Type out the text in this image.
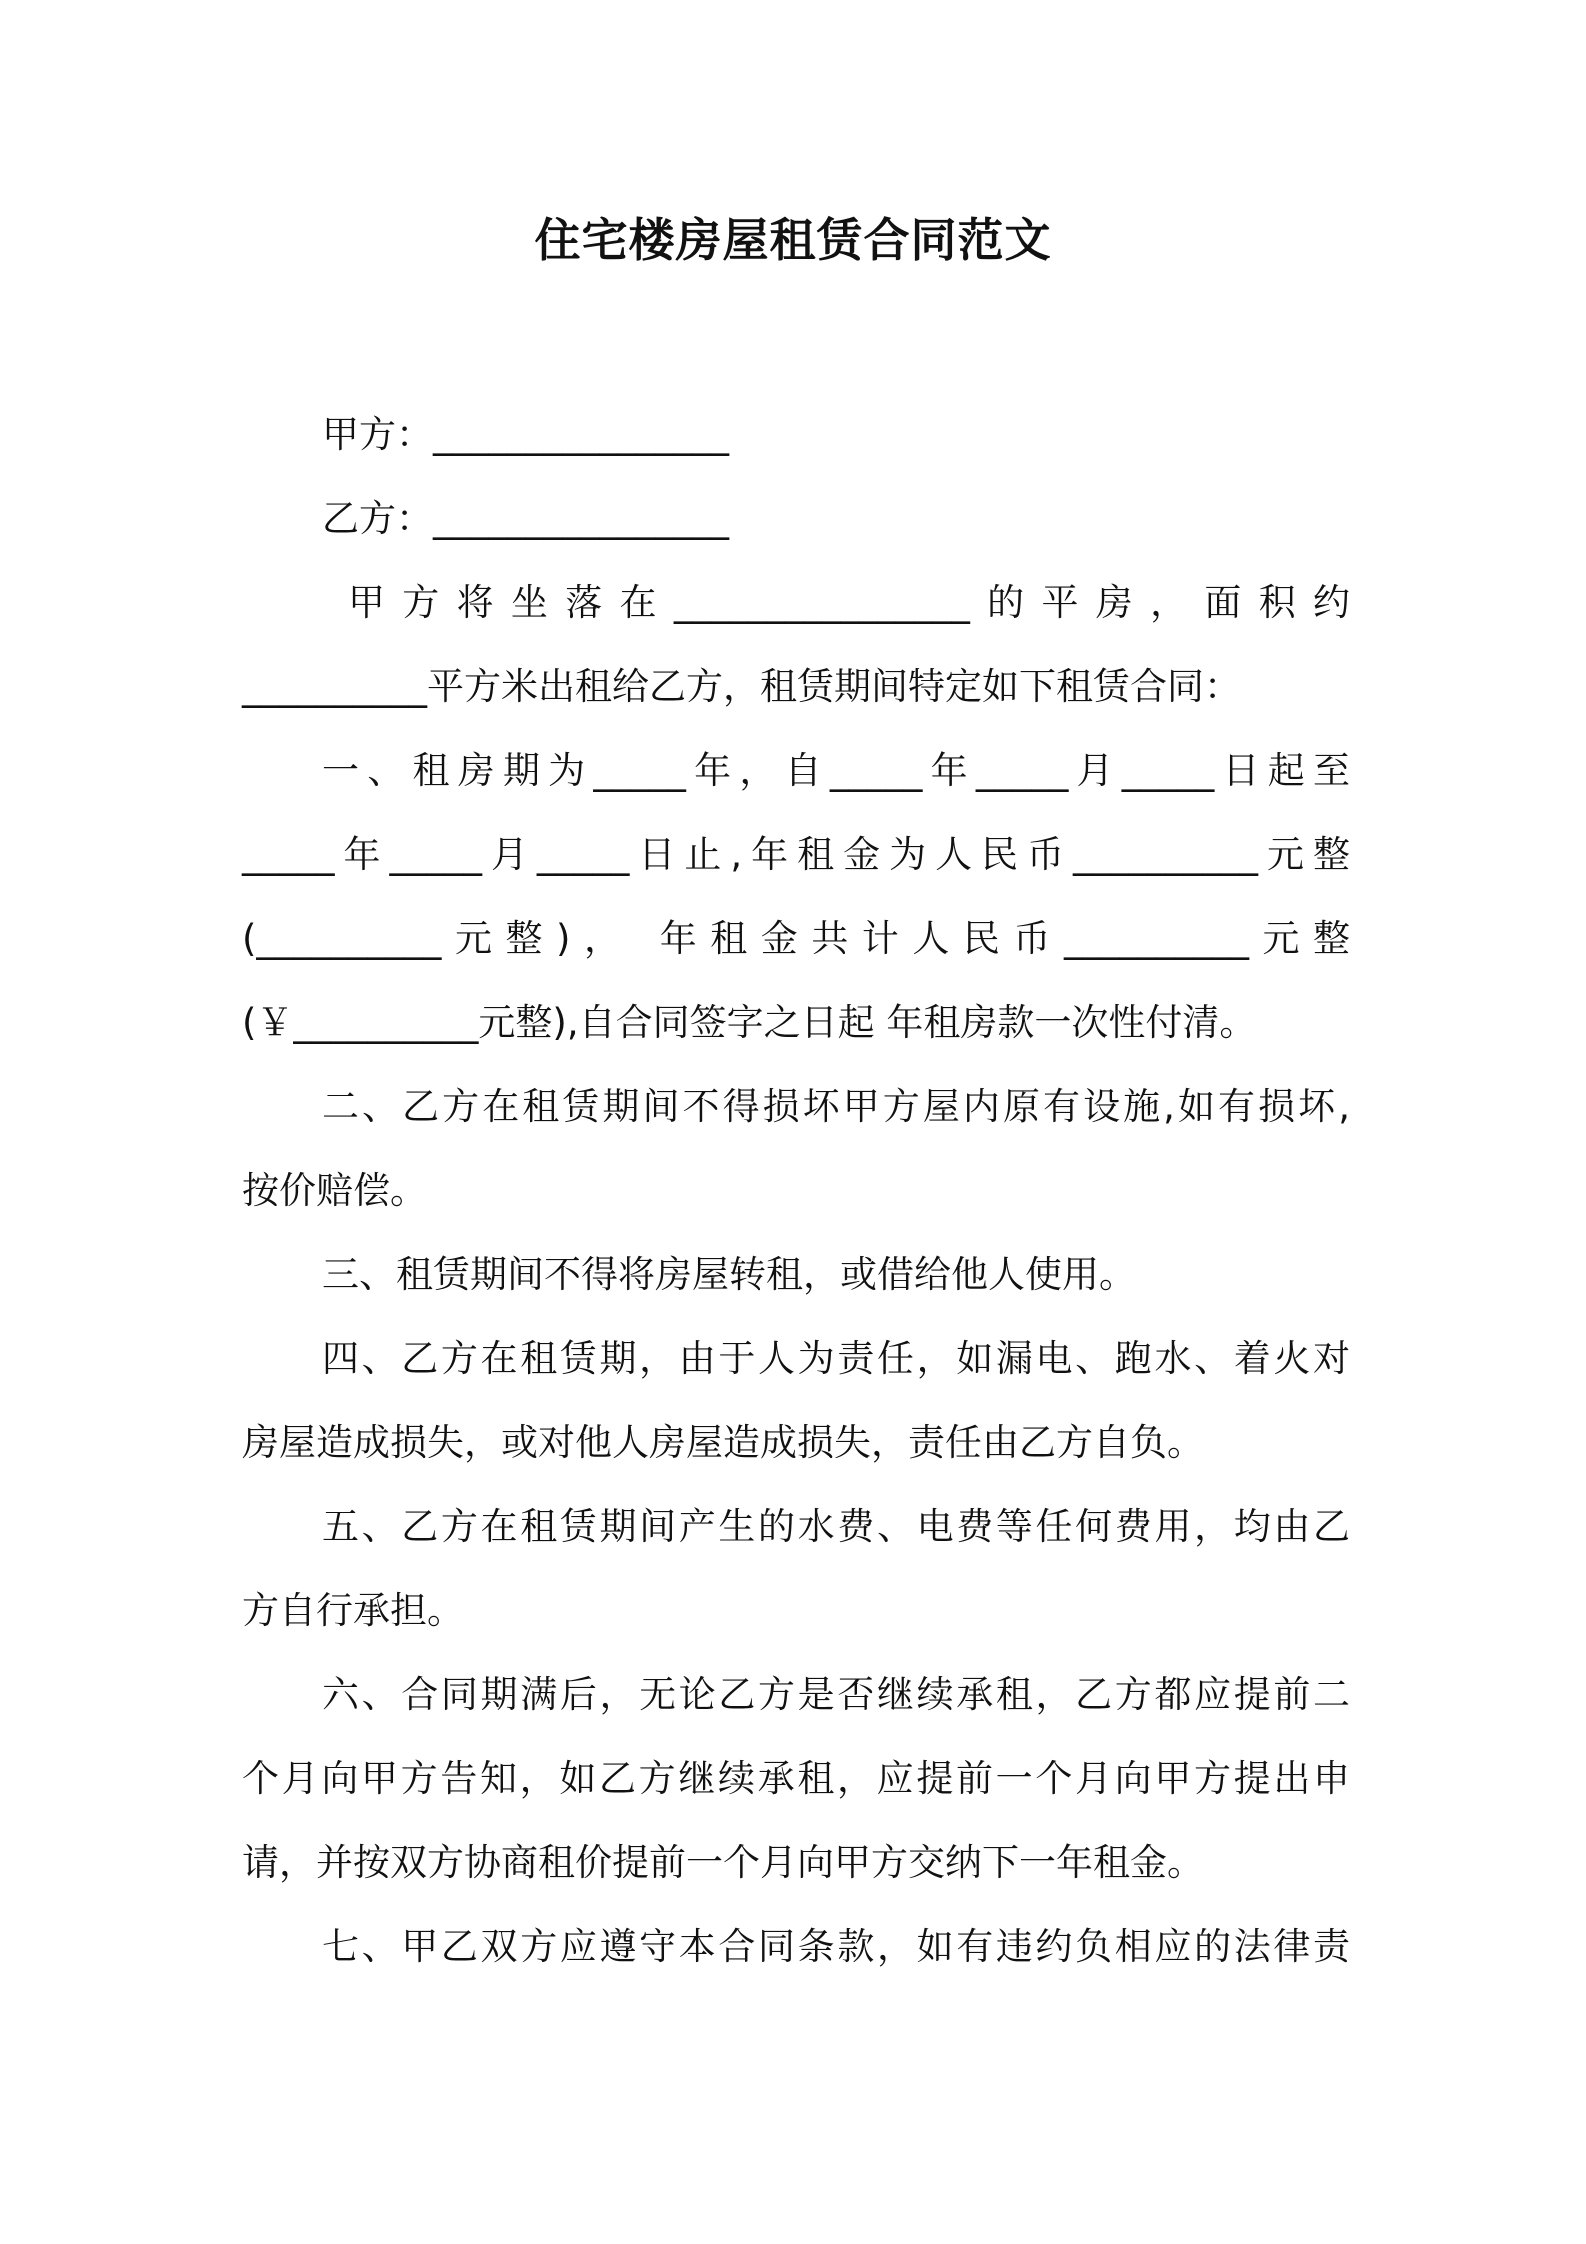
住宅楼房屋租赁合同范文
甲方：________________
乙方：________________
甲方将坐落在________________的平房，面积约
__________平方米出租给乙方，租赁期间特定如下租赁合同：
一、租房期为_____年，自_____年_____月_____日起至
_____年_____月_____日止,年租金为人民币__________元整
(__________元整)， 年租金共计人民币__________元整
(￥__________元整),自合同签字之日起 年租房款一次性付清。
二、乙方在租赁期间不得损坏甲方屋内原有设施,如有损坏,
按价赔偿。
三、租赁期间不得将房屋转租，或借给他人使用。
四、乙方在租赁期，由于人为责任，如漏电、跑水、着火对
房屋造成损失，或对他人房屋造成损失，责任由乙方自负。
五、乙方在租赁期间产生的水费、电费等任何费用，均由乙
方自行承担。
六、合同期满后，无论乙方是否继续承租，乙方都应提前二
个月向甲方告知，如乙方继续承租，应提前一个月向甲方提出申
请，并按双方协商租价提前一个月向甲方交纳下一年租金。
七、甲乙双方应遵守本合同条款，如有违约负相应的法律责
